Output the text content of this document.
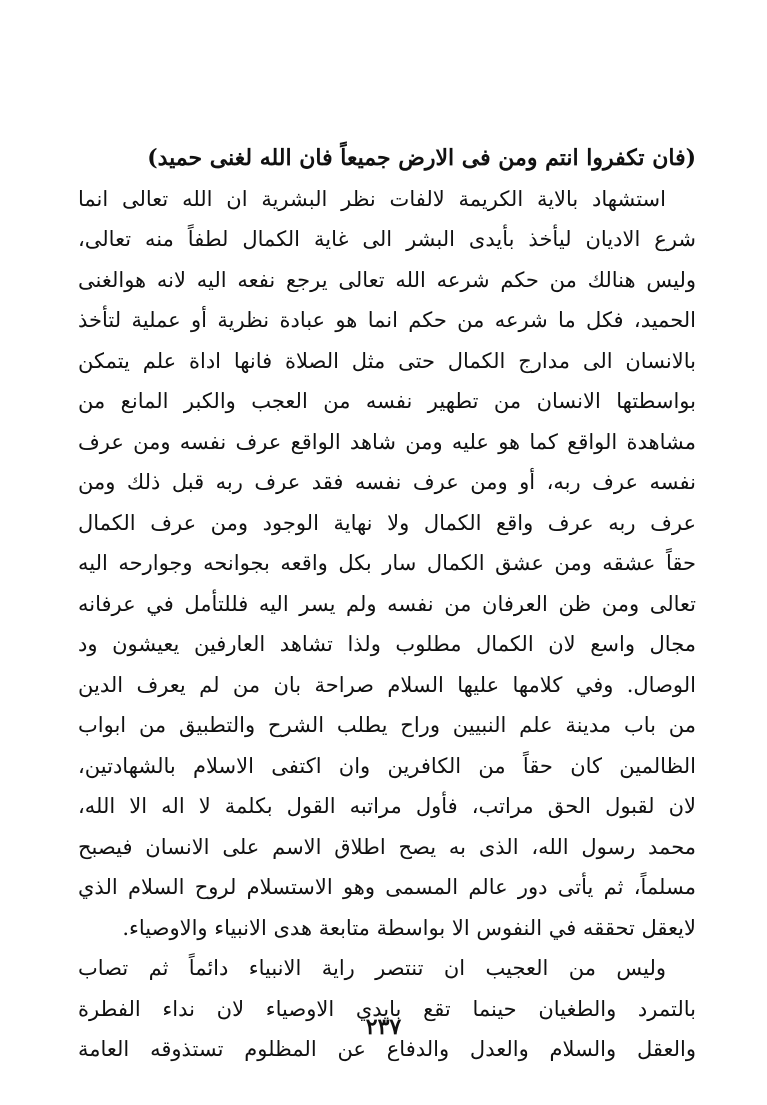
(فان تكفروا انتم ومن فى الارض جميعاً فان الله لغنى حميد)
استشهاد بالاية الكريمة لالفات نظر البشرية ان الله تعالى انما
شرع الاديان ليأخذ بأيدى البشر الى غاية الكمال لطفاً منه تعالى،
وليس هنالك من حكم شرعه الله تعالى يرجع نفعه اليه لانه هوالغنى
الحميد، فكل ما شرعه من حكم انما هو عبادة نظرية أو عملية لتأخذ
بالانسان الى مدارج الكمال حتى مثل الصلاة فانها اداة علم يتمكن
بواسطتها الانسان من تطهير نفسه من العجب والكبر المانع من
مشاهدة الواقع كما هو عليه ومن شاهد الواقع عرف نفسه ومن عرف
نفسه عرف ربه، أو ومن عرف نفسه فقد عرف ربه قبل ذلك ومن
عرف ربه عرف واقع الكمال ولا نهاية الوجود ومن عرف الكمال
حقاً عشقه ومن عشق الكمال سار بكل واقعه بجوانحه وجوارحه اليه
تعالى ومن ظن العرفان من نفسه ولم يسر اليه فللتأمل في عرفانه
مجال واسع لان الكمال مطلوب ولذا تشاهد العارفين يعيشون ود
الوصال. وفي كلامها عليها السلام صراحة بان من لم يعرف الدين
من باب مدينة علم النبيين وراح يطلب الشرح والتطبيق من ابواب
الظالمين كان حقاً من الكافرين وان اكتفى الاسلام بالشهادتين،
لان لقبول الحق مراتب، فأول مراتبه القول بكلمة لا اله الا الله،
محمد رسول الله، الذى به يصح اطلاق الاسم على الانسان فيصبح
مسلماً، ثم يأتى دور عالم المسمى وهو الاستسلام لروح السلام الذي
لايعقل تحققه في النفوس الا بواسطة متابعة هدى الانبياء والاوصياء.
وليس من العجيب ان تنتصر راية الانبياء دائماً ثم تصاب
بالتمرد والطغيان حينما تقع بايدي الاوصياء لان نداء الفطرة
والعقل والسلام والعدل والدفاع عن المظلوم تستذوقه العامة
٢٣٧
